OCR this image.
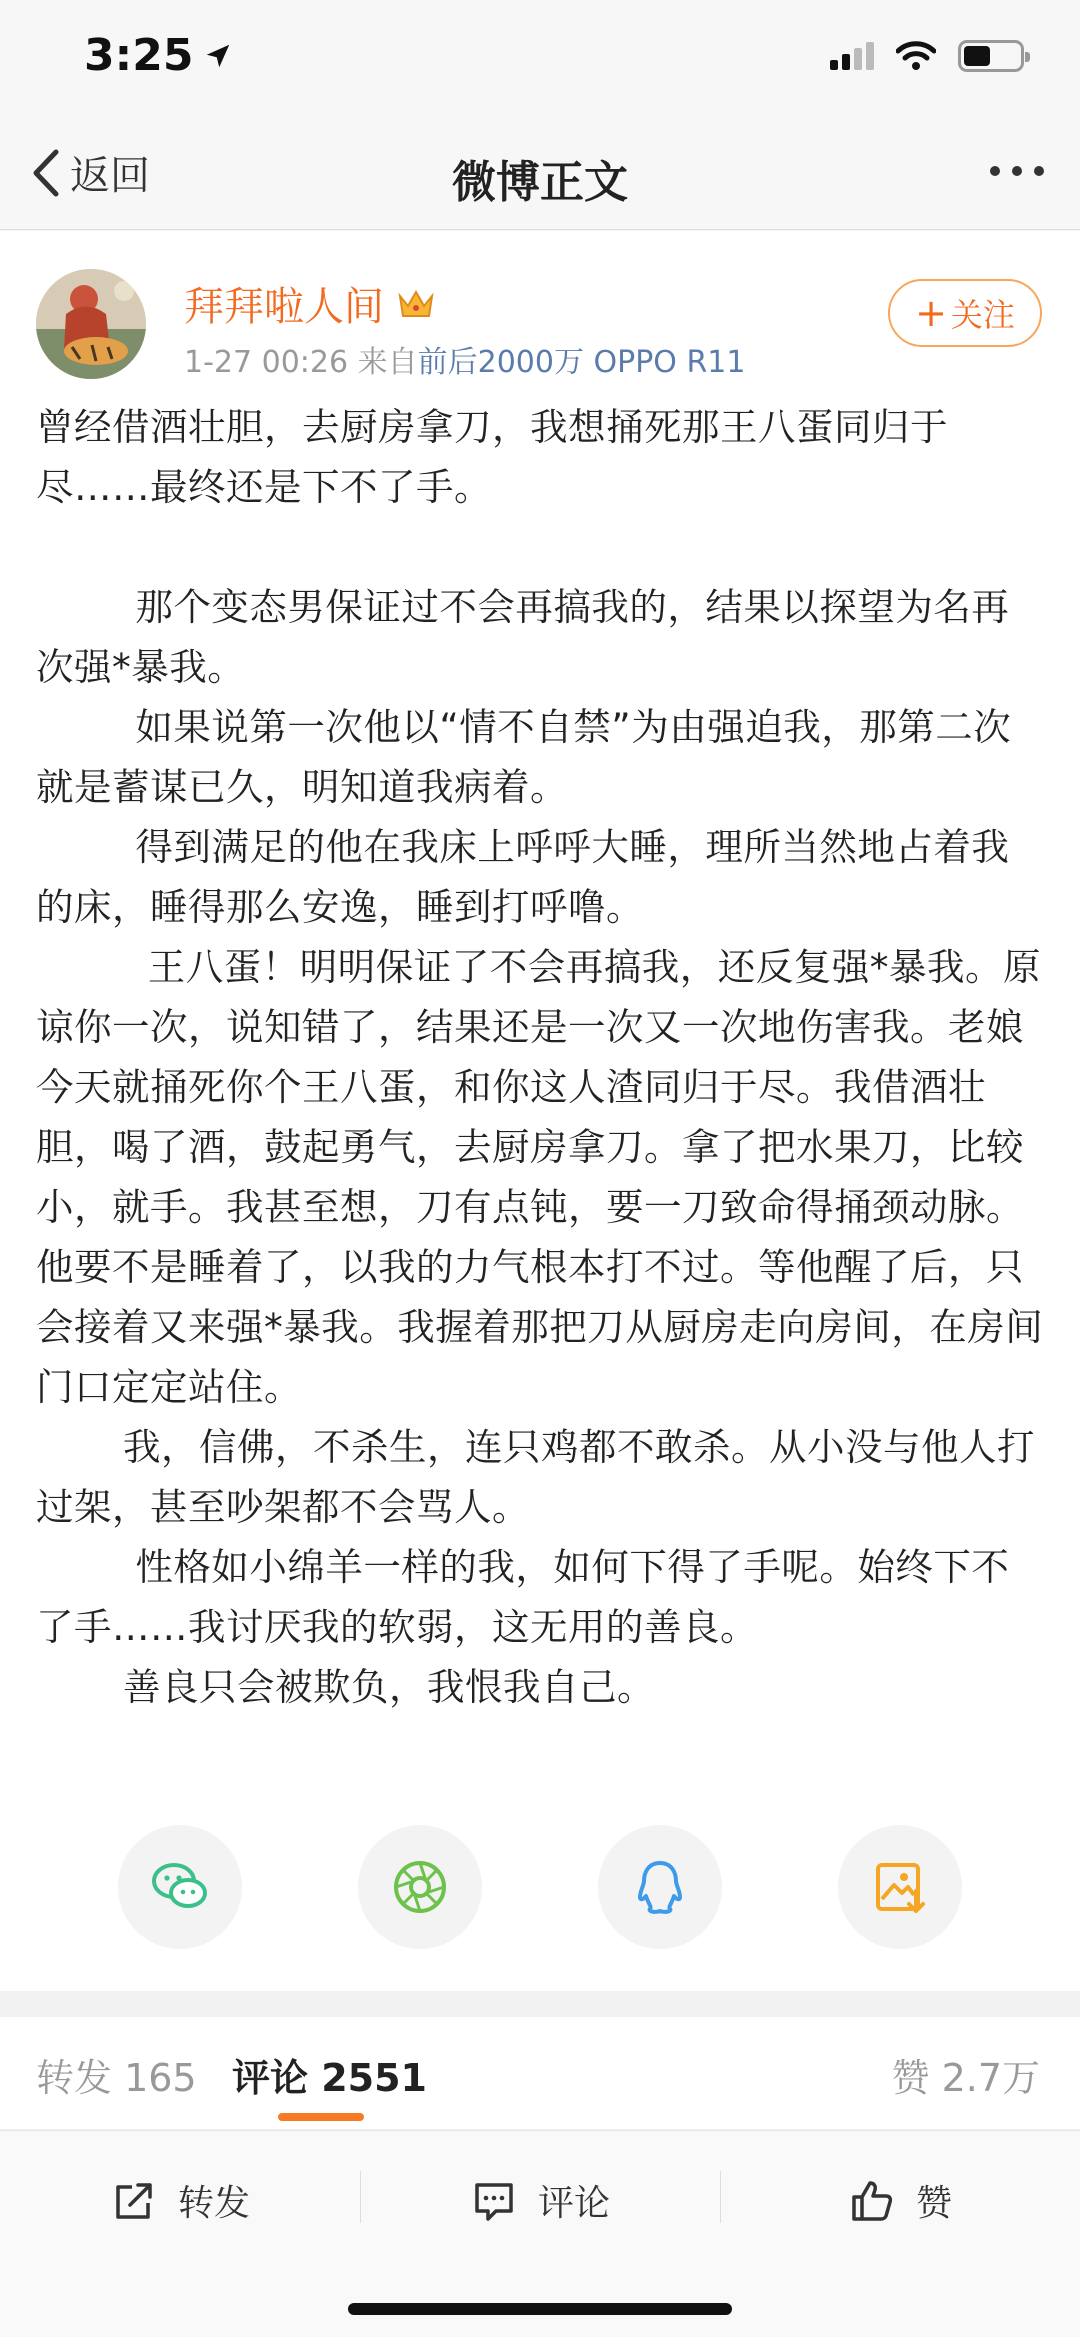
3:25
返回	微博正文
拜拜啦人间
1-27 00:26 来自前后2000万 OPPO R11
+ 关注

曾经借酒壮胆，去厨房拿刀，我想捅死那王八蛋同归于尽……最终还是下不了手。

那个变态男保证过不会再搞我的，结果以探望为名再次强*暴我。

如果说第一次他以“情不自禁”为由强迫我，那第二次就是蓄谋已久，明知道我病着。

得到满足的他在我床上呼呼大睡，理所当然地占着我的床，睡得那么安逸，睡到打呼噜。

王八蛋！明明保证了不会再搞我，还反复强*暴我。原谅你一次，说知错了，结果还是一次又一次地伤害我。老娘今天就捅死你个王八蛋，和你这人渣同归于尽。我借酒壮胆，喝了酒，鼓起勇气，去厨房拿刀。拿了把水果刀，比较小，就手。我甚至想，刀有点钝，要一刀致命得捅颈动脉。他要不是睡着了，以我的力气根本打不过。等他醒了后，只会接着又来强*暴我。我握着那把刀从厨房走向房间，在房间门口定定站住。

我，信佛，不杀生，连只鸡都不敢杀。从小没与他人打过架，甚至吵架都不会骂人。

性格如小绵羊一样的我，如何下得了手呢。始终下不了手……我讨厌我的软弱，这无用的善良。

善良只会被欺负，我恨我自己。

转发 165 评论 2551	赞 2.7万
转发	评论	赞
